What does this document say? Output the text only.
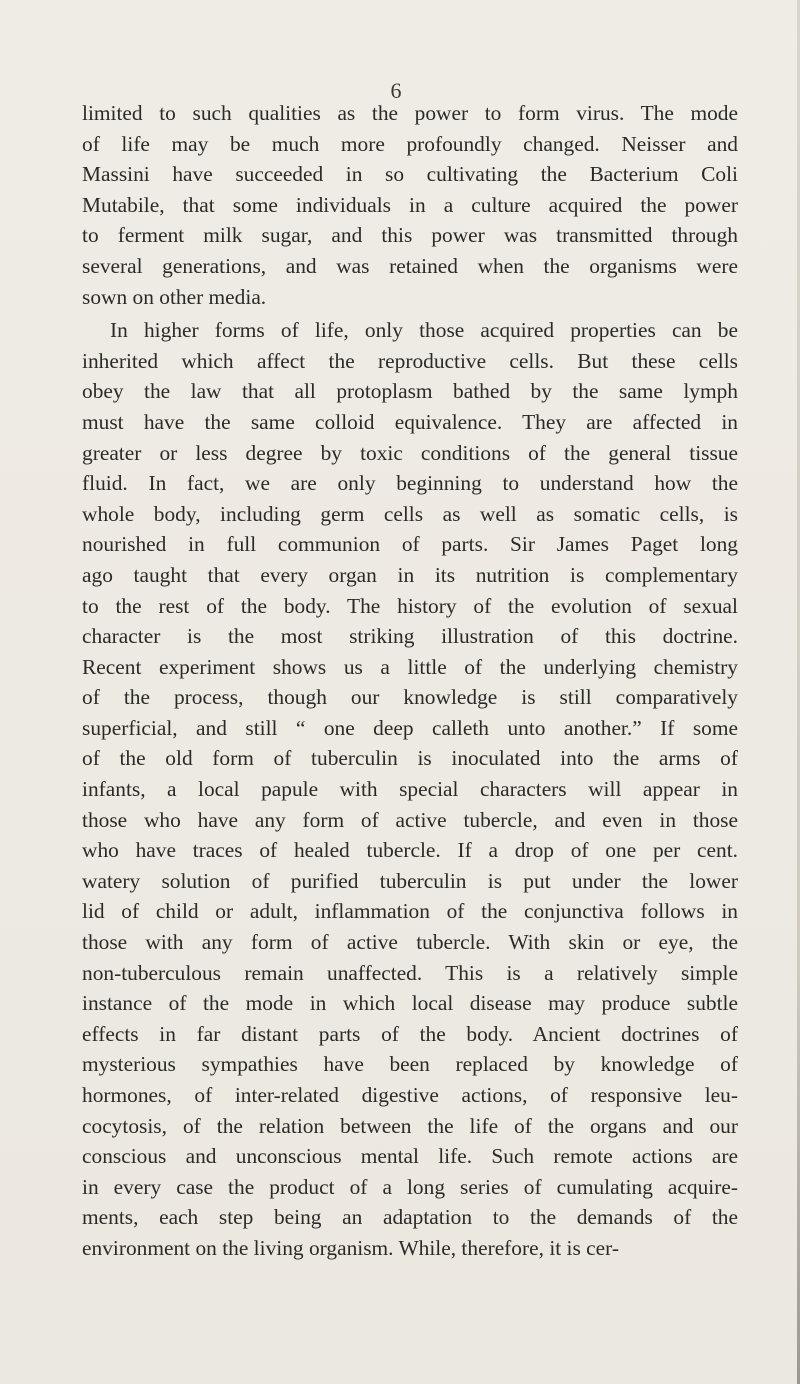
6

limited to such qualities as the power to form virus. The mode
of life may be much more profoundly changed. Neisser and
Massini have succeeded in so cultivating the Bacterium Coli
Mutabile, that some individuals in a culture acquired the power
to ferment milk sugar, and this power was transmitted through
several generations, and was retained when the organisms were
sown on other media.

In higher forms of life, only those acquired properties can be
inherited which affect the reproductive cells. But these cells
obey the law that all protoplasm bathed by the same lymph
must have the same colloid equivalence. They are affected in
greater or less degree by toxic conditions of the general tissue
fluid. In fact, we are only beginning to understand how the
whole body, including germ cells as well as somatic cells, is
nourished in full communion of parts. Sir James Paget long
ago taught that every organ in its nutrition is complementary
to the rest of the body. The history of the evolution of sexual
character is the most striking illustration of this doctrine.
Recent experiment shows us a little of the underlying chemistry
of the process, though our knowledge is still comparatively
superficial, and still “ one deep calleth unto another.” If some
of the old form of tuberculin is inoculated into the arms of
infants, a local papule with special characters will appear in
those who have any form of active tubercle, and even in those
who have traces of healed tubercle. If a drop of one per cent.
watery solution of purified tuberculin is put under the lower
lid of child or adult, inflammation of the conjunctiva follows in
those with any form of active tubercle. With skin or eye, the
non-tuberculous remain unaffected. This is a relatively simple
instance of the mode in which local disease may produce subtle
effects in far distant parts of the body. Ancient doctrines of
mysterious sympathies have been replaced by knowledge of
hormones, of inter-related digestive actions, of responsive leu-
cocytosis, of the relation between the life of the organs and our
conscious and unconscious mental life. Such remote actions are
in every case the product of a long series of cumulating acquire-
ments, each step being an adaptation to the demands of the
environment on the living organism. While, therefore, it is cer-
